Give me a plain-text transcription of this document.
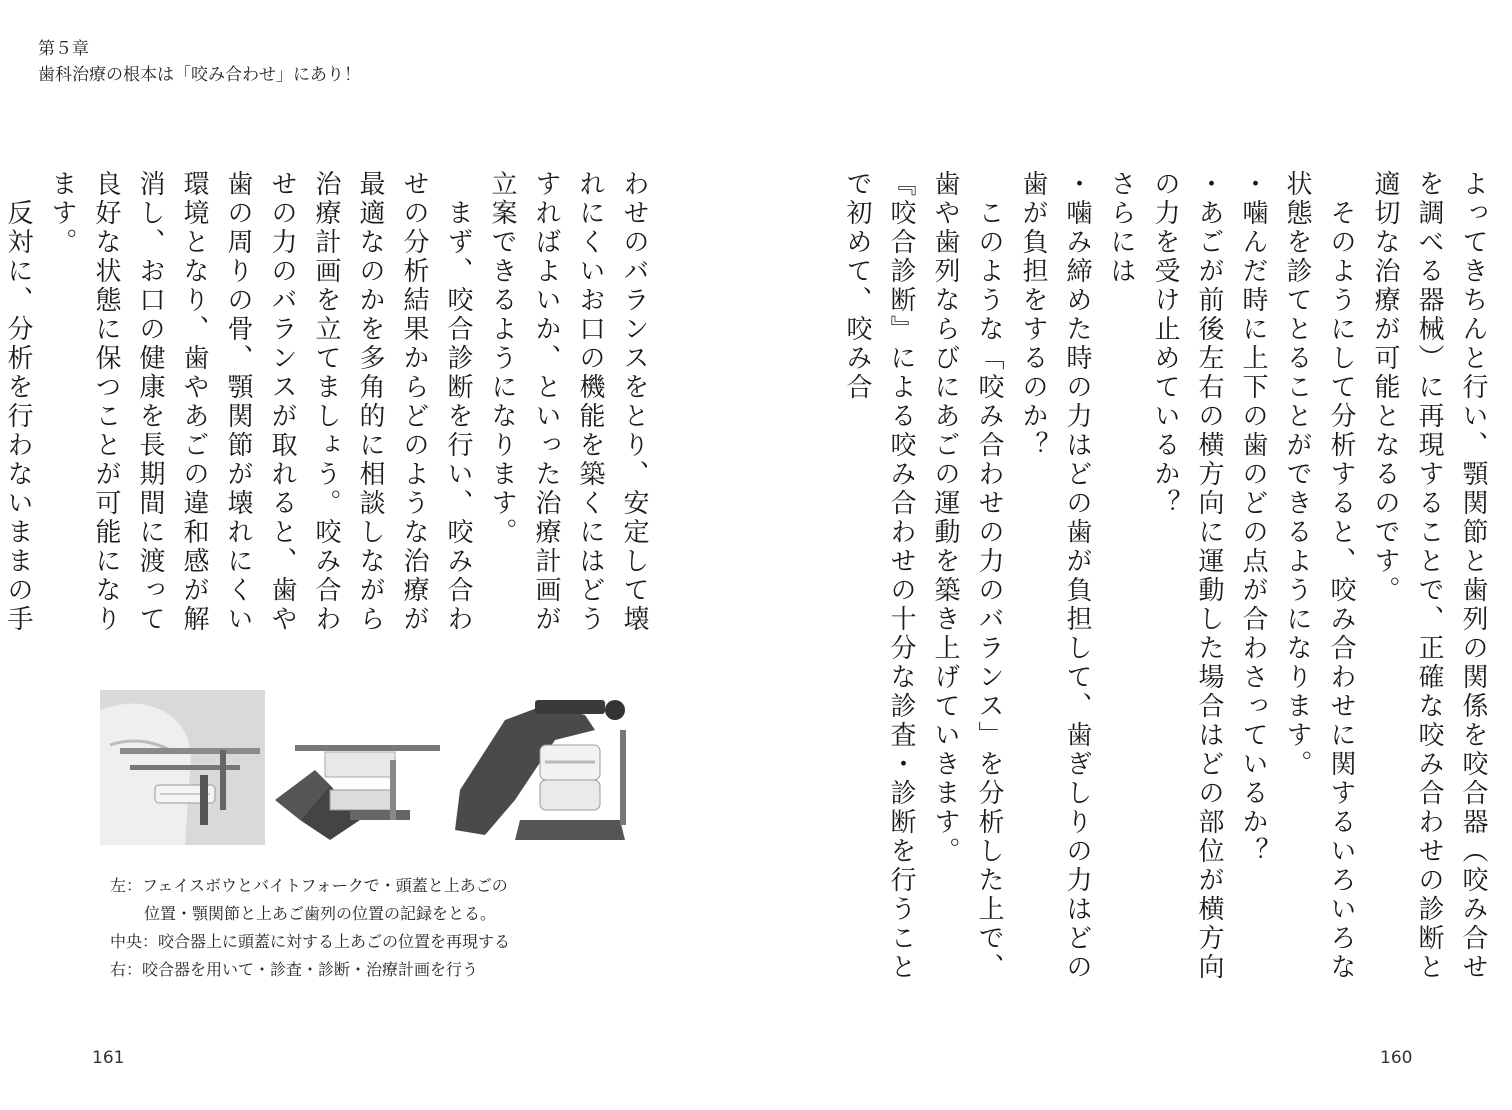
第５章
歯科治療の根本は「咬み合わせ」にあり！

よってきちんと行い、顎関節と歯列の関係を咬合器（咬み合せを調べる器械）に再現することで、正確な咬み合わせの診断と適切な治療が可能となるのです。

　そのようにして分析すると、咬み合わせに関するいろいろな状態を診てとることができるようになります。

・噛んだ時に上下の歯のどの点が合わさっているか？

・あごが前後左右の横方向に運動した場合はどの部位が横方向の力を受け止めているか？

さらには

・噛み締めた時の力はどの歯が負担して、歯ぎしりの力はどの歯が負担をするのか？

　このような「咬み合わせの力のバランス」を分析した上で、歯や歯列ならびにあごの運動を築き上げていきます。

『咬合診断』による咬み合わせの十分な診査・診断を行うことで初めて、咬み合

わせのバランスをとり、安定して壊れにくいお口の機能を築くにはどうすればよいか、といった治療計画が立案できるようになります。

　まず、咬合診断を行い、咬み合わせの分析結果からどのような治療が最適なのかを多角的に相談しながら治療計画を立てましょう。咬み合わせの力のバランスが取れると、歯や歯の周りの骨、顎関節が壊れにくい環境となり、歯やあごの違和感が解消し、お口の健康を長期間に渡って良好な状態に保つことが可能になります。

　反対に、分析を行わないままの手

左：フェイスボウとバイトフォークで・頭蓋と上あごの
位置・顎関節と上あご歯列の位置の記録をとる。
中央：咬合器上に頭蓋に対する上あごの位置を再現する
右：咬合器を用いて・診査・診断・治療計画を行う
161	160
